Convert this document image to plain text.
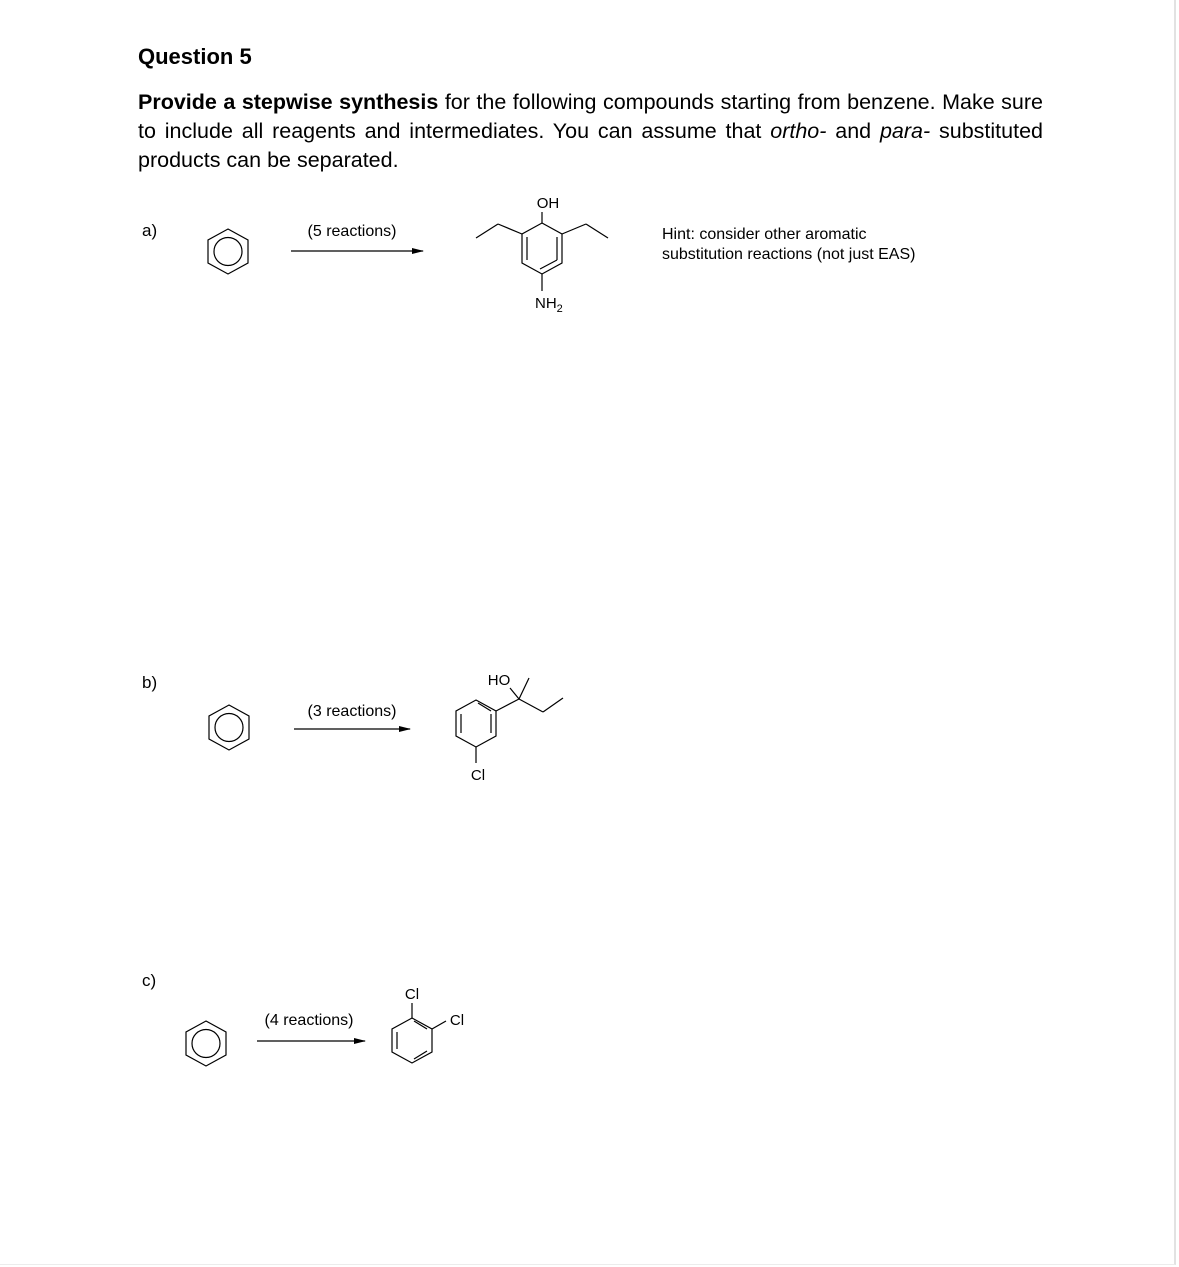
Question 5

Provide a stepwise synthesis for the following compounds starting from benzene. Make sure to include all reagents and intermediates. You can assume that ortho- and para- substituted products can be separated.

a)
b)
c)
Hint: consider other aromatic
substitution reactions (not just EAS)
(5 reactions)
OH
$NH_2$
(3 reactions)
HO
Cl
(4 reactions)
Cl
Cl
